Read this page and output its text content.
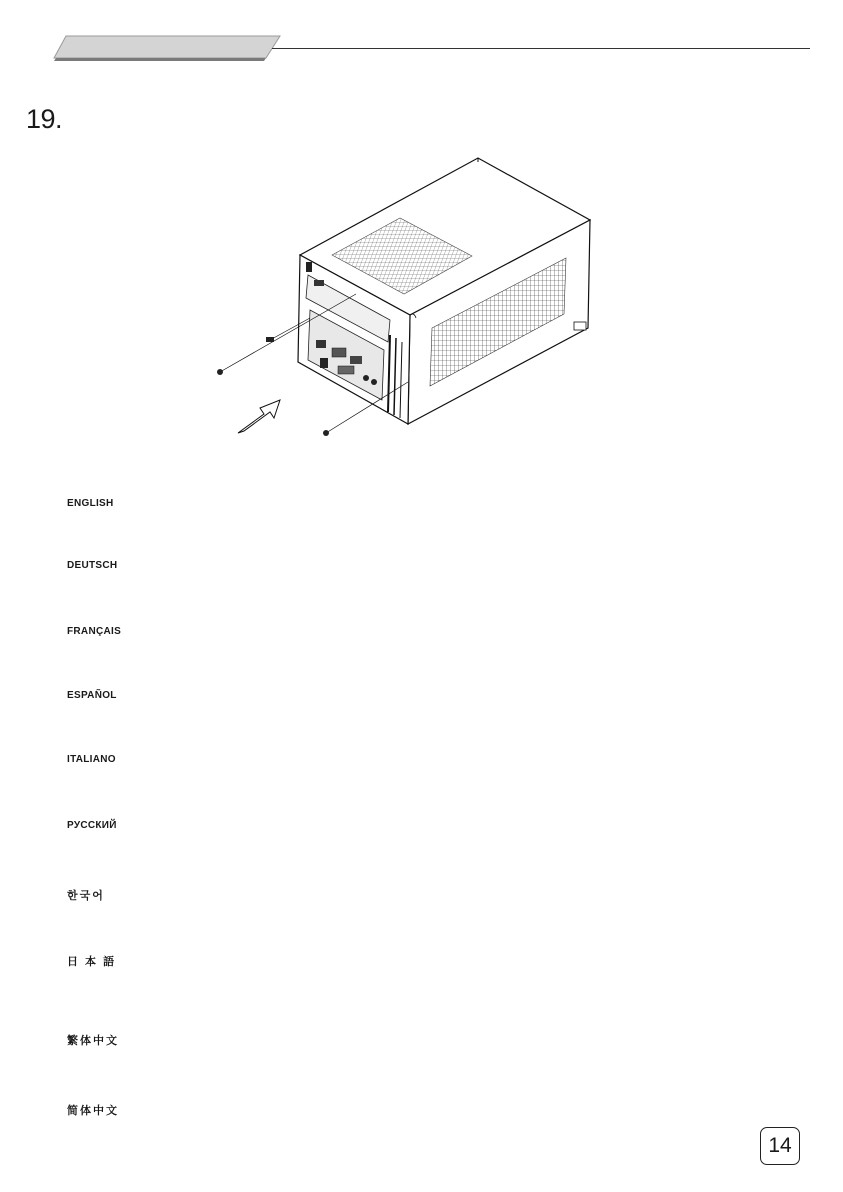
19.
ENGLISH
DEUTSCH
FRANÇAIS
ESPAÑOL
ITALIANO
РУССКИЙ
한국어
日 本 語
繁体中文
简体中文
14
